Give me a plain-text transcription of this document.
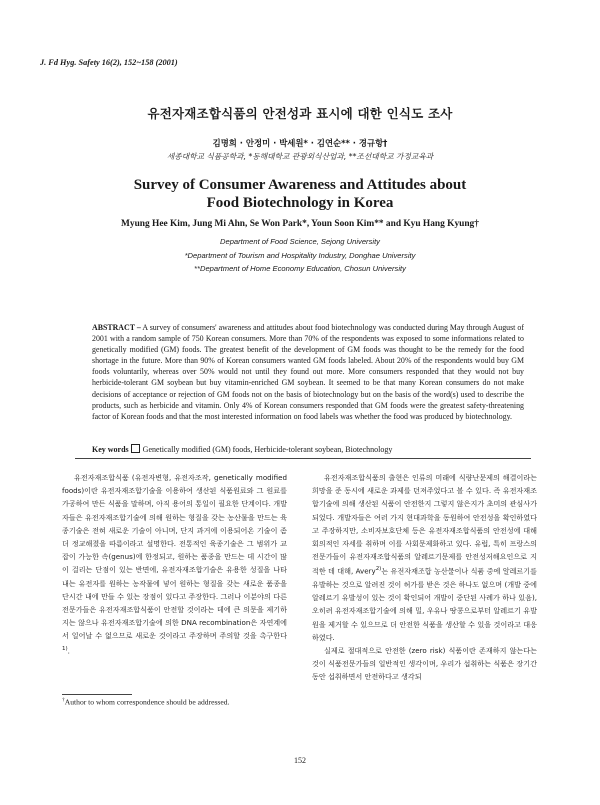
J. Fd Hyg. Safety 16(2), 152~158 (2001)
유전자재조합식품의 안전성과 표시에 대한 인식도 조사
김명희 · 안정미 · 박세원* · 김연순** · 경규항†
세종대학교 식품공학과, *동해대학교 관광외식산업과, **조선대학교 가정교육과
Survey of Consumer Awareness and Attitudes about
Food Biotechnology in Korea
Myung Hee Kim, Jung Mi Ahn, Se Won Park*, Youn Soon Kim** and Kyu Hang Kyung†
Department of Food Science, Sejong University
*Department of Tourism and Hospitality Industry, Donghae University
**Department of Home Economy Education, Chosun University
ABSTRACT – A survey of consumers' awareness and attitudes about food biotechnology was conducted during May through August of 2001 with a random sample of 750 Korean consumers. More than 70% of the respondents was exposed to some informations related to genetically modified (GM) foods. The greatest benefit of the development of GM foods was thought to be the remedy for the food shortage in the future. More than 90% of Korean consumers wanted GM foods labeled. About 20% of the respondents would buy GM foods voluntarily, whereas over 50% would not until they found out more. More consumers responded that they would not buy herbicide-tolerant GM soybean but buy vitamin-enriched GM soybean. It seemed to be that many Korean consumers do not make decisions of acceptance or rejection of GM foods not on the basis of biotechnology but on the basis of the word(s) used to describe the products, such as herbicide and vitamin. Only 4% of Korean consumers responded that GM foods were the greatest safety-threatening factor of Korean foods and that the most interested information on food labels was whether the food was produced by biotechnology.
Key words Genetically modified (GM) foods, Herbicide-tolerant soybean, Biotechnology

유전자재조합식품 (유전자변형, 유전자조작, genetically modified foods)이란 유전자재조합기술을 이용하여 생산된 식품원료와 그 원료를 가공하여 만든 식품을 말하며, 아직 용어의 통일이 필요한 단계이다. 개발자들은 유전자재조합기술에 의해 원하는 형질을 갖는 농산물을 만드는 육종기술은 전혀 새로운 기술이 아니며, 단지 과거에 이용되어온 기술이 좀 더 정교해졌을 따름이라고 설명한다. 전통적인 육종기술은 그 범위가 교잡이 가능한 속(genus)에 한정되고, 원하는 품종을 만드는 데 시간이 많이 걸리는 단점이 있는 반면에, 유전자재조합기술은 유용한 성질을 나타내는 유전자를 원하는 농작물에 넣어 원하는 형질을 갖는 새로운 품종을 단시간 내에 만들 수 있는 장점이 있다고 주장한다. 그러나 이분야의 다른 전문가들은 유전자재조합식품이 안전할 것이라는 데에 큰 의문을 제기하지는 않으나 유전자재조합기술에 의한 DNA recombination은 자연계에서 일어날 수 없으므로 새로운 것이라고 주장하며 주의할 것을 촉구한다$^{1)}$.

유전자재조합식품의 출현은 인류의 미래에 식량난문제의 해결이라는 희망을 준 동시에 새로운 과제를 던져주었다고 볼 수 있다. 즉 유전자재조합기술에 의해 생산된 식품이 안전한지 그렇지 않은지가 초미의 관심사가 되었다. 개발자들은 여러 가지 현대과학을 동원하여 안전성을 확인하였다고 주장하지만, 소비자보호단체 등은 유전자재조합식품의 안전성에 대해 회의적인 자세를 취하며 이를 사회문제화하고 있다. 유럽, 특히 프랑스의 전문가들이 유전자재조합식품의 알레르기문제를 안전성저해요인으로 지적한 데 대해, Avery$^{2)}$는 유전자재조합 농산물이나 식품 중에 알레르기를 유발하는 것으로 알려진 것이 허가를 받은 것은 하나도 없으며 (개발 중에 알레르기 유발성이 있는 것이 확인되어 개발이 중단된 사례가 하나 있음), 오히려 유전자재조합기술에 의해 밀, 우유나 땅콩으로부터 알레르기 유발원을 제거할 수 있으므로 더 안전한 식품을 생산할 수 있을 것이라고 대응하였다.

실제로 절대적으로 안전한 (zero risk) 식품이란 존재하지 않는다는 것이 식품전문가들의 일반적인 생각이며, 우리가 섭취하는 식품은 장기간동안 섭취하면서 안전하다고 생각되

†Author to whom correspondence should be addressed.
152
